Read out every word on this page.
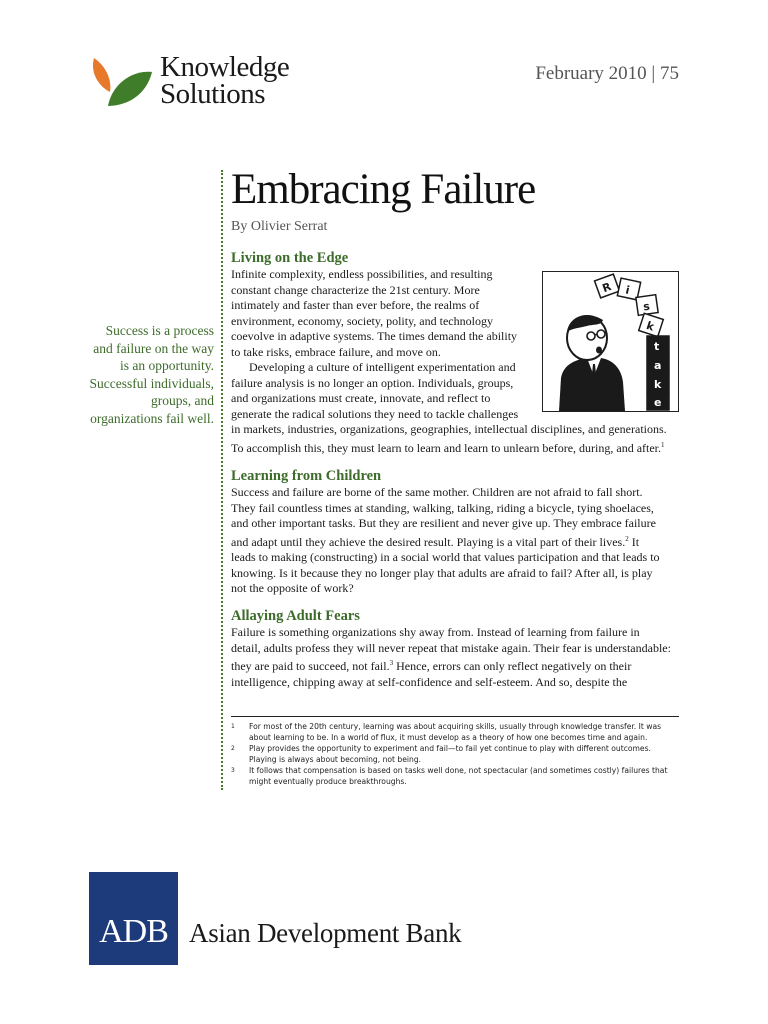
Knowledge
Solutions
February 2010 | 75
Success is a process and failure on the way is an opportunity. Successful individuals, groups, and organizations fail well.
Embracing Failure
By Olivier Serrat
Living on the Edge
Infinite complexity, endless possibilities, and resulting
constant change characterize the 21st century. More
intimately and faster than ever before, the realms of
environment, economy, society, polity, and technology
coevolve in adaptive systems. The times demand the ability
to take risks, embrace failure, and move on.
Developing a culture of intelligent experimentation and
failure analysis is no longer an option. Individuals, groups,
and organizations must create, innovate, and reflect to
generate the radical solutions they need to tackle challenges
in markets, industries, organizations, geographies, intellectual disciplines, and generations.
To accomplish this, they must learn to learn and learn to unlearn before, during, and after.$^1$
R i
s
k
t
a
k
e
Learning from Children
Success and failure are borne of the same mother. Children are not afraid to fall short.
They fail countless times at standing, walking, talking, riding a bicycle, tying shoelaces,
and other important tasks. But they are resilient and never give up. They embrace failure
and adapt until they achieve the desired result. Playing is a vital part of their lives.$^2$ It
leads to making (constructing) in a social world that values participation and that leads to
knowing. Is it because they no longer play that adults are afraid to fail? After all, is play
not the opposite of work?
Allaying Adult Fears
Failure is something organizations shy away from. Instead of learning from failure in
detail, adults profess they will never repeat that mistake again. Their fear is understandable:
they are paid to succeed, not fail.$^3$ Hence, errors can only reflect negatively on their
intelligence, chipping away at self-confidence and self-esteem. And so, despite the
1	For most of the 20th century, learning was about acquiring skills, usually through knowledge transfer. It was about learning to be. In a world of flux, it must develop as a theory of how one becomes time and again.
2	Play provides the opportunity to experiment and fail—to fail yet continue to play with different outcomes. Playing is always about becoming, not being.
3	It follows that compensation is based on tasks well done, not spectacular (and sometimes costly) failures that might eventually produce breakthroughs.
ADB Asian Development Bank
